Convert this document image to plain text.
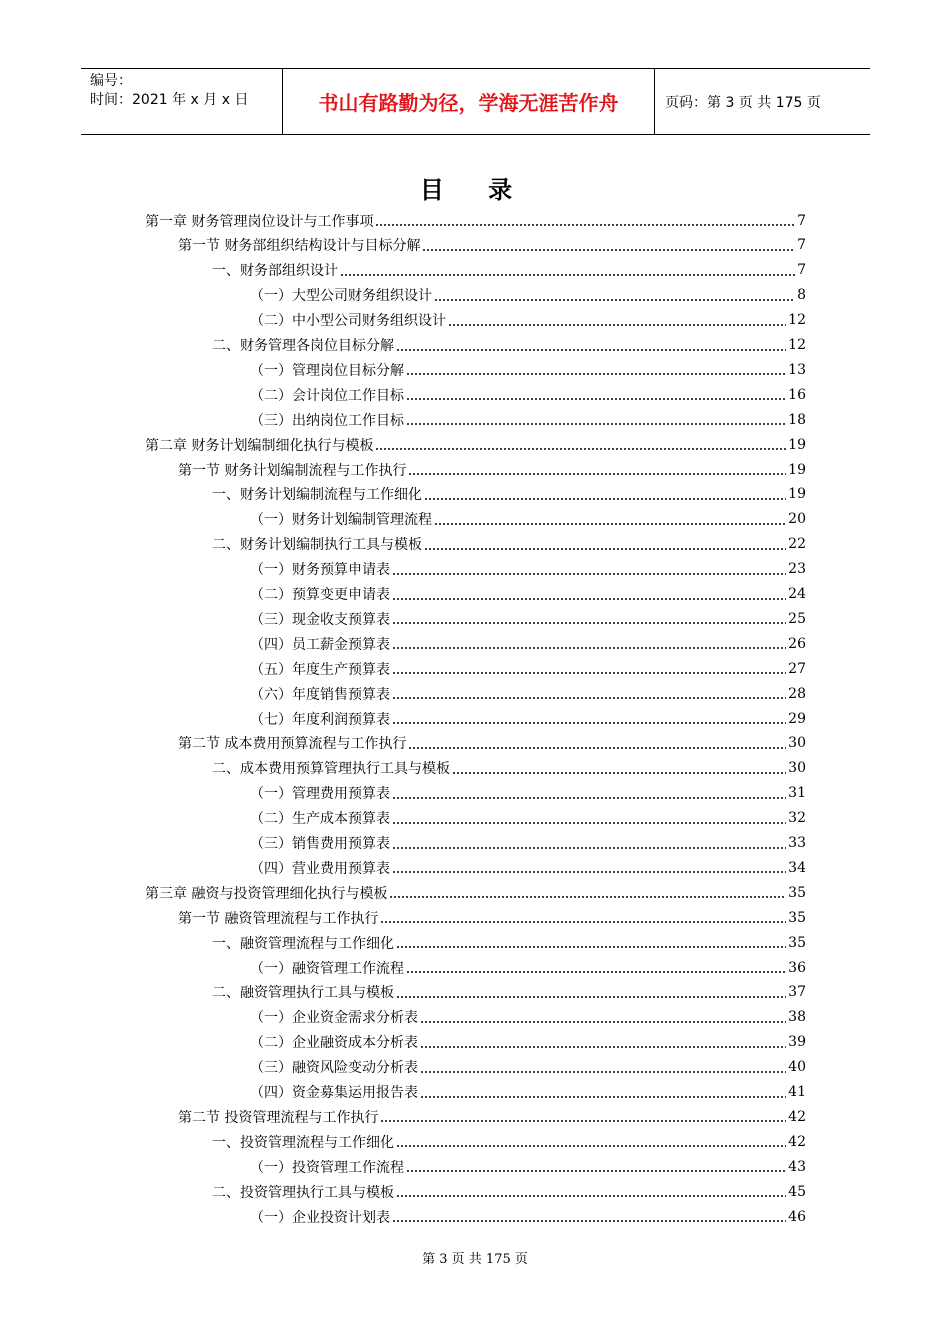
编号：
时间：2021 年 x 月 x 日	书山有路勤为径，学海无涯苦作舟	页码：第 3 页 共 175 页
目 录
第一章 财务管理岗位设计与工作事项	7
第一节 财务部组织结构设计与目标分解	7
一、财务部组织设计	7
（一）大型公司财务组织设计	8
（二）中小型公司财务组织设计	12
二、财务管理各岗位目标分解	12
（一）管理岗位目标分解	13
（二）会计岗位工作目标	16
（三）出纳岗位工作目标	18
第二章 财务计划编制细化执行与模板	19
第一节 财务计划编制流程与工作执行	19
一、财务计划编制流程与工作细化	19
（一）财务计划编制管理流程	20
二、财务计划编制执行工具与模板	22
（一）财务预算申请表	23
（二）预算变更申请表	24
（三）现金收支预算表	25
（四）员工薪金预算表	26
（五）年度生产预算表	27
（六）年度销售预算表	28
（七）年度利润预算表	29
第二节 成本费用预算流程与工作执行	30
二、成本费用预算管理执行工具与模板	30
（一）管理费用预算表	31
（二）生产成本预算表	32
（三）销售费用预算表	33
（四）营业费用预算表	34
第三章 融资与投资管理细化执行与模板	35
第一节 融资管理流程与工作执行	35
一、融资管理流程与工作细化	35
（一）融资管理工作流程	36
二、融资管理执行工具与模板	37
（一）企业资金需求分析表	38
（二）企业融资成本分析表	39
（三）融资风险变动分析表	40
（四）资金募集运用报告表	41
第二节 投资管理流程与工作执行	42
一、投资管理流程与工作细化	42
（一）投资管理工作流程	43
二、投资管理执行工具与模板	45
（一）企业投资计划表	46
第 3 页 共 175 页
